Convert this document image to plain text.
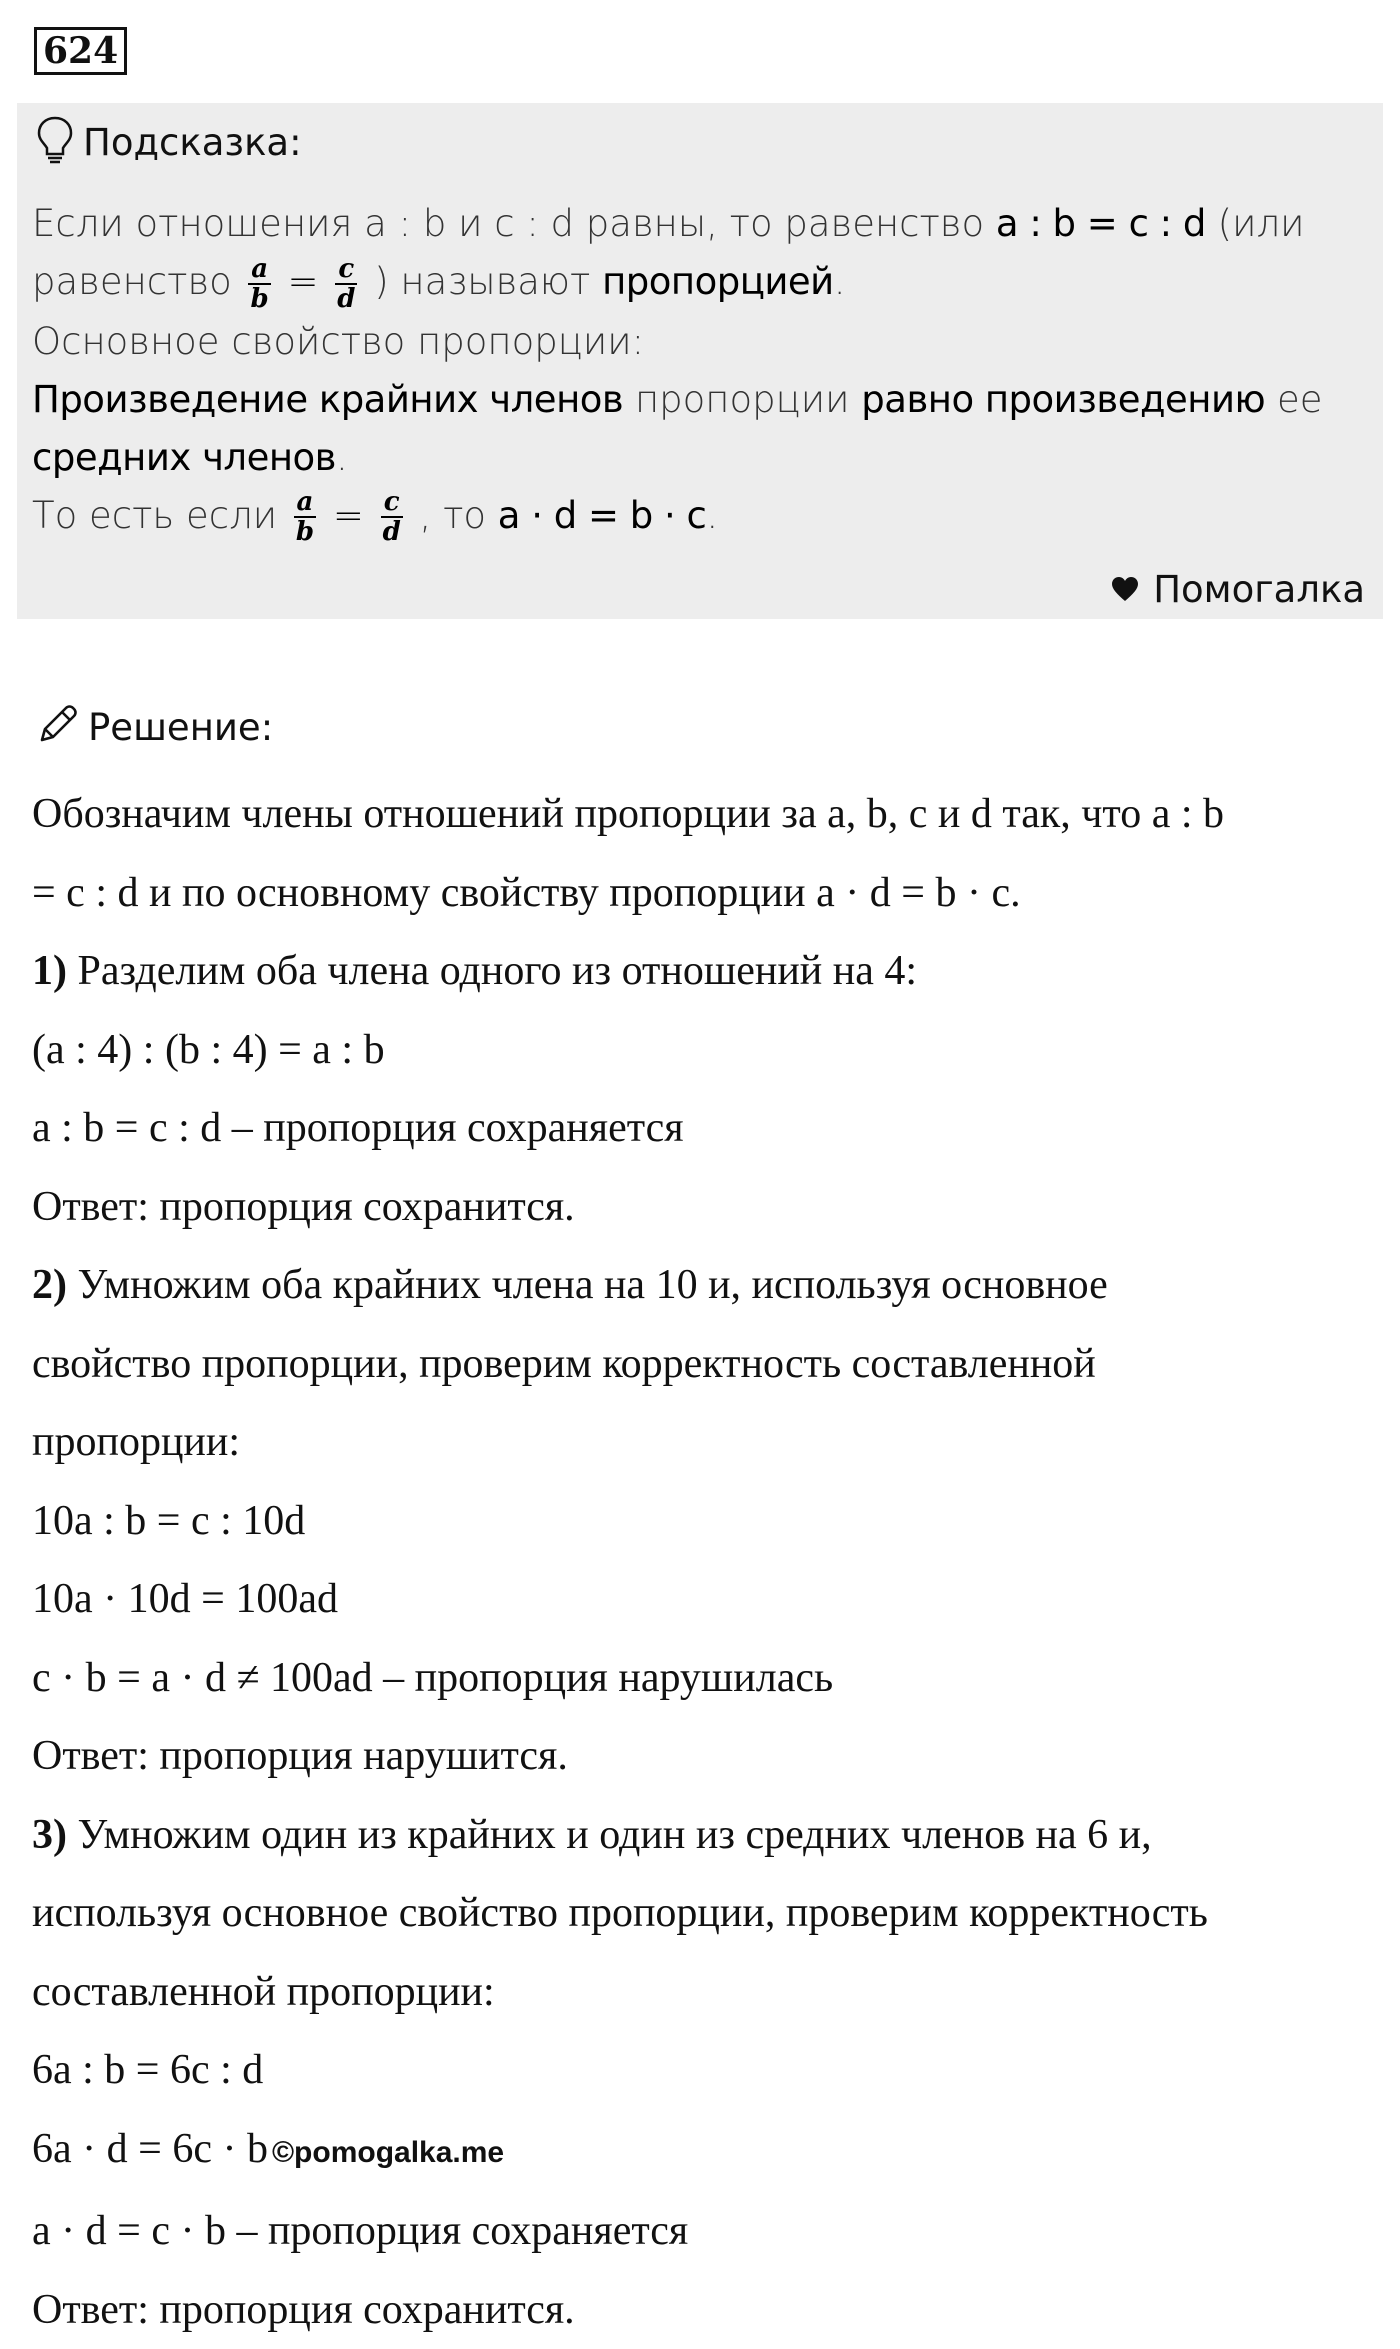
624
Подсказка:
Если отношения a : b и c : d равны, то равенство a : b = c : d (или
равенство $\frac{a}{b} = \frac{c}{d}$ ) называют пропорцией.
Основное свойство пропорции:
Произведение крайних членов пропорции равно произведению ее
средних членов.
То есть если $\frac{a}{b} = \frac{c}{d}$ , то a · d = b · c.
Помогалка
Решение:

Обозначим члены отношений пропорции за a, b, c и d так, что a : b

= c : d и по основному свойству пропорции a · d = b · c.

1) Разделим оба члена одного из отношений на 4:

(a : 4) : (b : 4) = a : b

a : b = c : d – пропорция сохраняется

Ответ: пропорция сохранится.

2) Умножим оба крайних члена на 10 и, используя основное

свойство пропорции, проверим корректность составленной

пропорции:

10a : b = c : 10d

10a · 10d = 100ad

c · b = a · d ≠ 100ad – пропорция нарушилась

Ответ: пропорция нарушится.

3) Умножим один из крайних и один из средних членов на 6 и,

используя основное свойство пропорции, проверим корректность

составленной пропорции:

6a : b = 6c : d

6a · d = 6c · b ©pomogalka.me

a · d = c · b – пропорция сохраняется

Ответ: пропорция сохранится.
